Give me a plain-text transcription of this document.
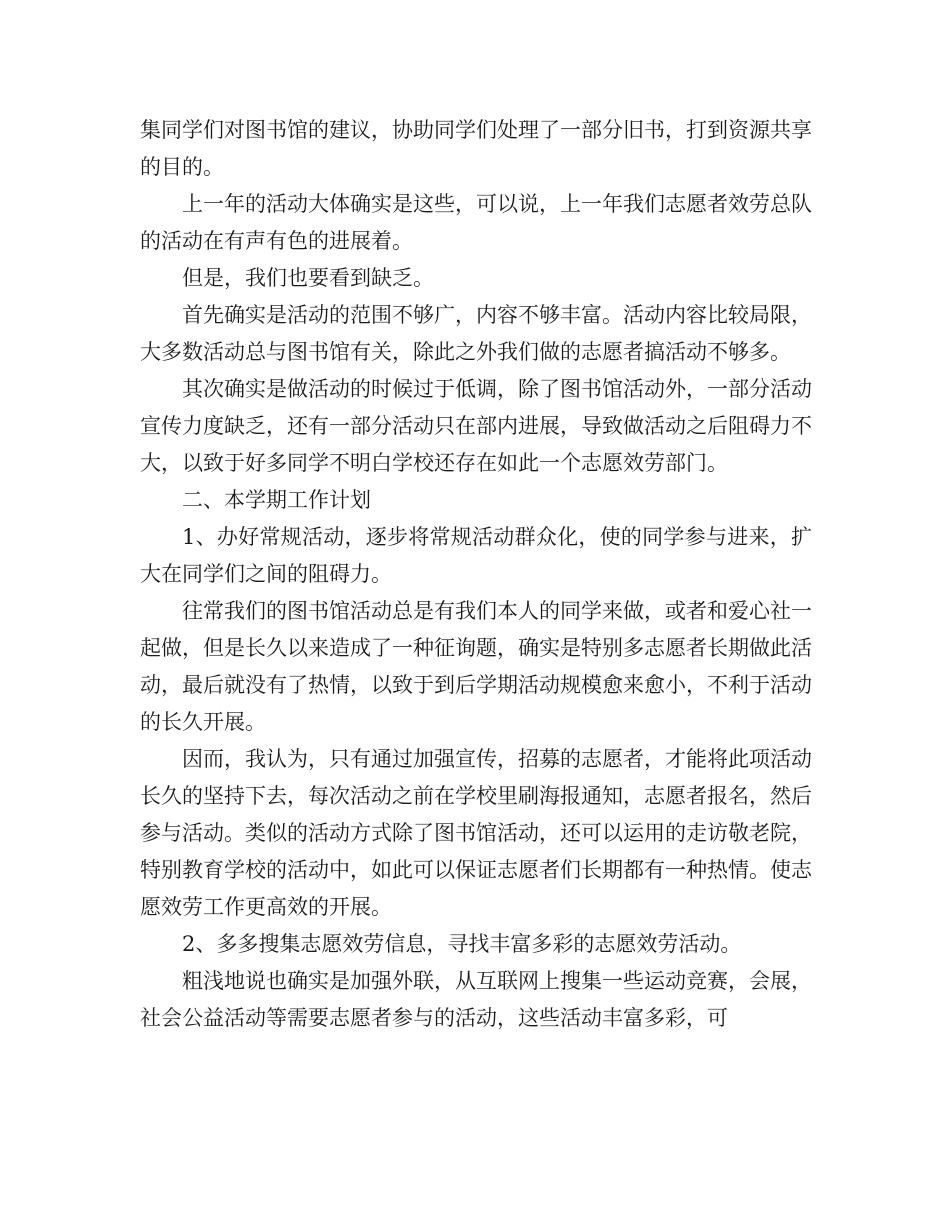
集同学们对图书馆的建议，协助同学们处理了一部分旧书，打到资源共享的目的。

上一年的活动大体确实是这些，可以说，上一年我们志愿者效劳总队的活动在有声有色的进展着。

但是，我们也要看到缺乏。

首先确实是活动的范围不够广，内容不够丰富。活动内容比较局限，大多数活动总与图书馆有关，除此之外我们做的志愿者搞活动不够多。

其次确实是做活动的时候过于低调，除了图书馆活动外，一部分活动宣传力度缺乏，还有一部分活动只在部内进展，导致做活动之后阻碍力不大，以致于好多同学不明白学校还存在如此一个志愿效劳部门。

二、本学期工作计划

1、办好常规活动，逐步将常规活动群众化，使的同学参与进来，扩大在同学们之间的阻碍力。

往常我们的图书馆活动总是有我们本人的同学来做，或者和爱心社一起做，但是长久以来造成了一种征询题，确实是特别多志愿者长期做此活动，最后就没有了热情，以致于到后学期活动规模愈来愈小，不利于活动的长久开展。

因而，我认为，只有通过加强宣传，招募的志愿者，才能将此项活动长久的坚持下去，每次活动之前在学校里刷海报通知，志愿者报名，然后参与活动。类似的活动方式除了图书馆活动，还可以运用的走访敬老院，特别教育学校的活动中，如此可以保证志愿者们长期都有一种热情。使志愿效劳工作更高效的开展。

2、多多搜集志愿效劳信息，寻找丰富多彩的志愿效劳活动。

粗浅地说也确实是加强外联，从互联网上搜集一些运动竞赛，会展，社会公益活动等需要志愿者参与的活动，这些活动丰富多彩，可
